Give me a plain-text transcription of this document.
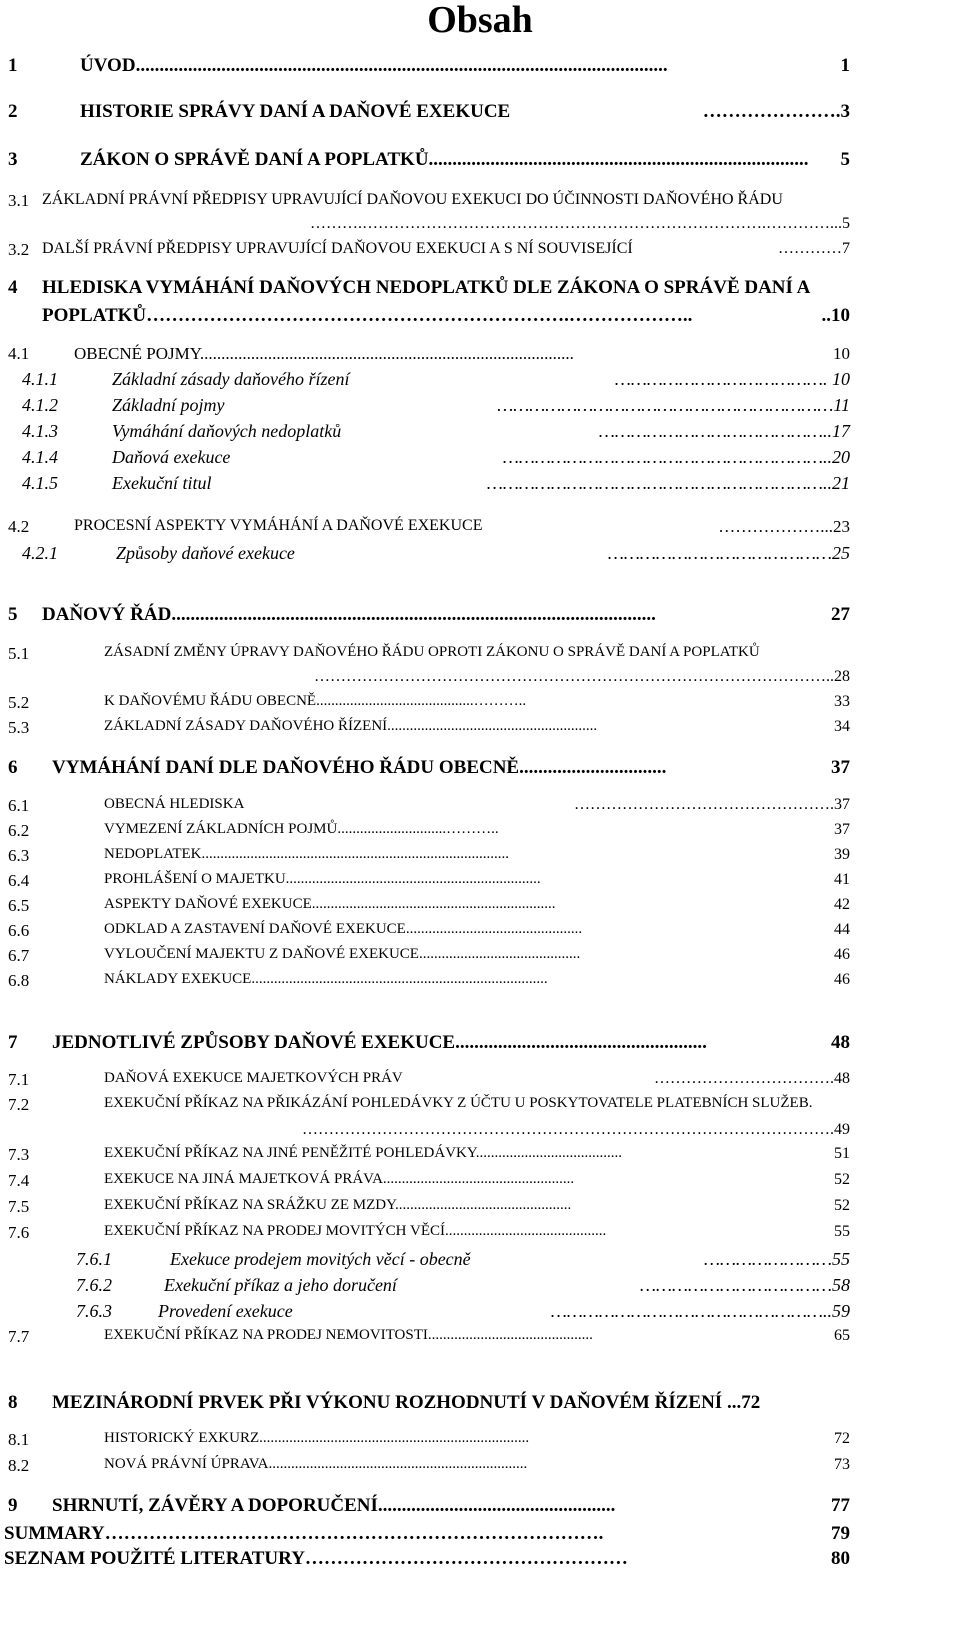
Obsah
1	ÚVOD................................................................................................................	1
2	HISTORIE SPRÁVY DANÍ A DAŇOVÉ EXEKUCE	………………….3
3	ZÁKON O SPRÁVĚ DANÍ A POPLATKŮ................................................................................ 5
3.1 ZÁKLADNÍ PRÁVNÍ PŘEDPISY UPRAVUJÍCÍ DAŇOVOU EXEKUCI DO ÚČINNOSTI DAŇOVÉHO ŘÁDU
……….………………………………………………………………….…………...5
3.2 DALŠÍ PRÁVNÍ PŘEDPISY UPRAVUJÍCÍ DAŇOVOU EXEKUCI A S NÍ SOUVISEJÍCÍ	…………7
4 HLEDISKA VYMÁHÁNÍ DAŇOVÝCH NEDOPLATKŮ DLE ZÁKONA O SPRÁVĚ DANÍ A
POPLATKŮ………………………………………………………….………………..	..10
4.1	OBECNÉ POJMY........................................................................................	10
4.1.1	Základní zásady daňového řízení	…………………………………. 10
4.1.2	Základní pojmy	………………………………………………………11
4.1.3	Vymáhání daňových nedoplatků	……………………………………..17
4.1.4	Daňová exekuce	……………………………………………………..20
4.1.5	Exekuční titul	………………………………………………………..21
4.2	PROCESNÍ ASPEKTY VYMÁHÁNÍ A DAŇOVÉ EXEKUCE	………………...23
4.2.1	Způsoby daňové exekuce	……………………………………25
5 DAŇOVÝ ŘÁD......................................................................................................	27
5.1	ZÁSADNÍ ZMĚNY ÚPRAVY DAŇOVÉHO ŘÁDU OPROTI ZÁKONU O SPRÁVĚ DANÍ A POPLATKŮ
……………………………………………………………………………………..28
5.2	K DAŇOVÉMU ŘÁDU OBECNĚ..........................................………..	33
5.3	ZÁKLADNÍ ZÁSADY DAŇOVÉHO ŘÍZENÍ........................................................	34
6 VYMÁHÁNÍ DANÍ DLE DAŇOVÉHO ŘÁDU OBECNĚ...............................	37
6.1	OBECNÁ HLEDISKA	………………………………………….37
6.2	VYMEZENÍ ZÁKLADNÍCH POJMŮ.............................………..	37
6.3	NEDOPLATEK..................................................................................	39
6.4	PROHLÁŠENÍ O MAJETKU....................................................................	41
6.5	ASPEKTY DAŇOVÉ EXEKUCE.................................................................	42
6.6	ODKLAD A ZASTAVENÍ DAŇOVÉ EXEKUCE...............................................	44
6.7	VYLOUČENÍ MAJEKTU Z DAŇOVÉ EXEKUCE...........................................	46
6.8	NÁKLADY EXEKUCE...............................................................................	46
7 JEDNOTLIVÉ ZPŮSOBY DAŇOVÉ EXEKUCE.....................................................	48
7.1	DAŇOVÁ EXEKUCE MAJETKOVÝCH PRÁV	…………………………….48
7.2	EXEKUČNÍ PŘÍKAZ NA PŘIKÁZÁNÍ POHLEDÁVKY Z ÚČTU U POSKYTOVATELE PLATEBNÍCH SLUŽEB.
……………………………………………………………………………………….49
7.3	EXEKUČNÍ PŘÍKAZ NA JINÉ PENĚŽITÉ POHLEDÁVKY.......................................	51
7.4	EXEKUCE NA JINÁ MAJETKOVÁ PRÁVA...................................................	52
7.5	EXEKUČNÍ PŘÍKAZ NA SRÁŽKU ZE MZDY...............................................	52
7.6	EXEKUČNÍ PŘÍKAZ NA PRODEJ MOVITÝCH VĚCÍ...........................................	55
7.6.1	Exekuce prodejem movitých věcí - obecně	……………………55
7.6.2	Exekuční příkaz a jeho doručení	………………………………58
7.6.3	Provedení exekuce	……………………………………………..59
7.7	EXEKUČNÍ PŘÍKAZ NA PRODEJ NEMOVITOSTI............................................	65
8 MEZINÁRODNÍ PRVEK PŘI VÝKONU ROZHODNUTÍ V DAŇOVÉM ŘÍZENÍ ...72
8.1	HISTORICKÝ EXKURZ........................................................................	72
8.2	NOVÁ PRÁVNÍ ÚPRAVA.....................................................................	73
9 SHRNUTÍ, ZÁVĚRY A DOPORUČENÍ..................................................	77
SUMMARY…………………………………………………………………….	79
SEZNAM POUŽITÉ LITERATURY……………………………………………	80
